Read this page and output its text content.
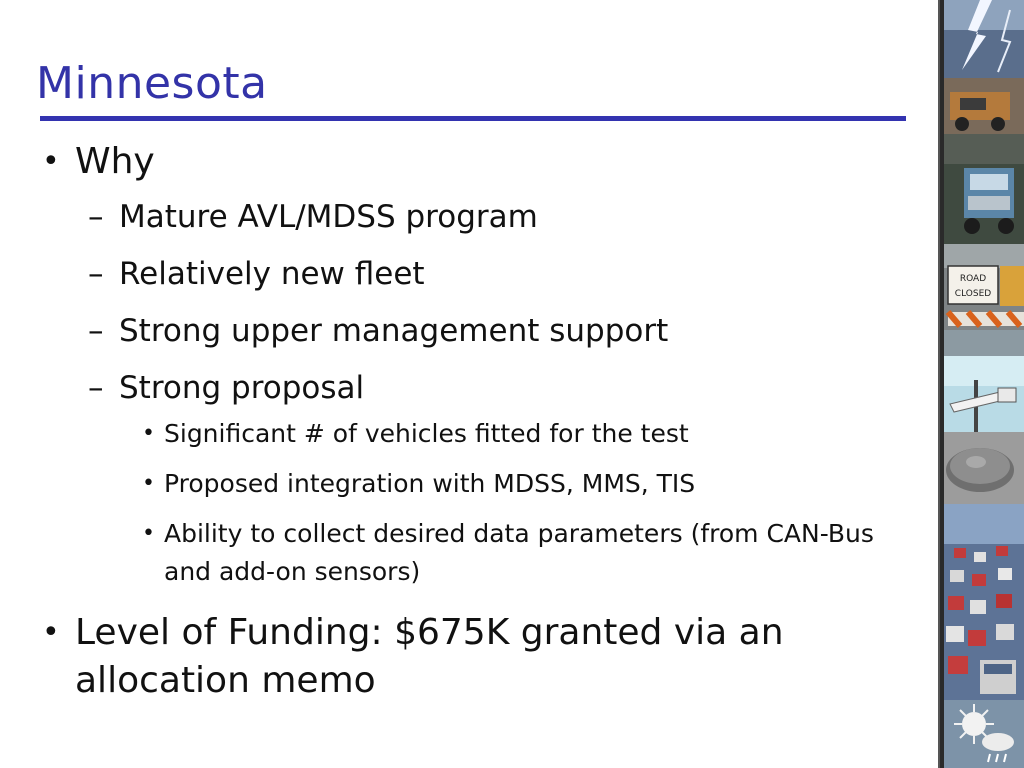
Minnesota
• Why
– Mature AVL/MDSS program
– Relatively new fleet
– Strong upper management support
– Strong proposal
• Significant # of vehicles fitted for the test
• Proposed integration with MDSS, MMS, TIS
• Ability to collect desired data parameters (from CAN-Bus and add-on sensors)
• Level of Funding: $675K granted via an allocation memo
ROAD
CLOSED
